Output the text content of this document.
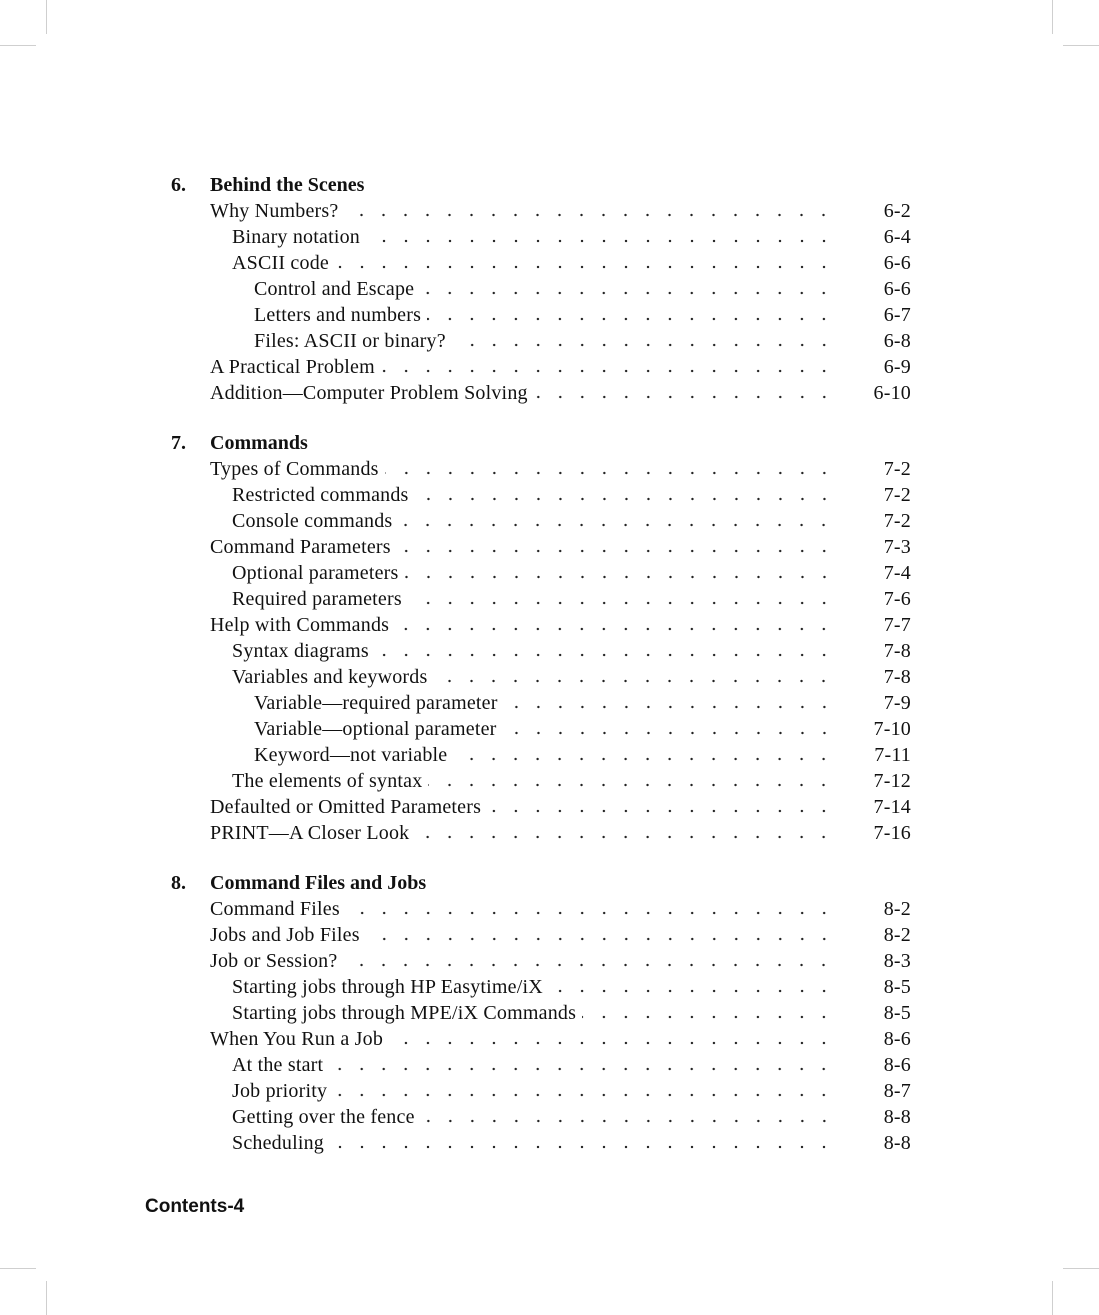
6.	Behind the Scenes
Why Numbers?	6-2
Binary notation	6-4
ASCII code	6-6
Control and Escape	6-6
Letters and numbers	6-7
Files: ASCII or binary?	6-8
A Practical Problem	6-9
Addition—Computer Problem Solving	6-10
7.	Commands
Types of Commands	7-2
Restricted commands	7-2
Console commands	7-2
Command Parameters	7-3
Optional parameters	7-4
Required parameters	7-6
Help with Commands	7-7
Syntax diagrams	7-8
Variables and keywords	7-8
Variable—required parameter	7-9
Variable—optional parameter	7-10
Keyword—not variable	7-11
The elements of syntax	7-12
Defaulted or Omitted Parameters	7-14
PRINT—A Closer Look	7-16
8.	Command Files and Jobs
Command Files	8-2
Jobs and Job Files	8-2
Job or Session?	8-3
Starting jobs through HP Easytime/iX	8-5
Starting jobs through MPE/iX Commands	8-5
When You Run a Job	8-6
At the start	8-6
Job priority	8-7
Getting over the fence	8-8
Scheduling	8-8
Contents-4
